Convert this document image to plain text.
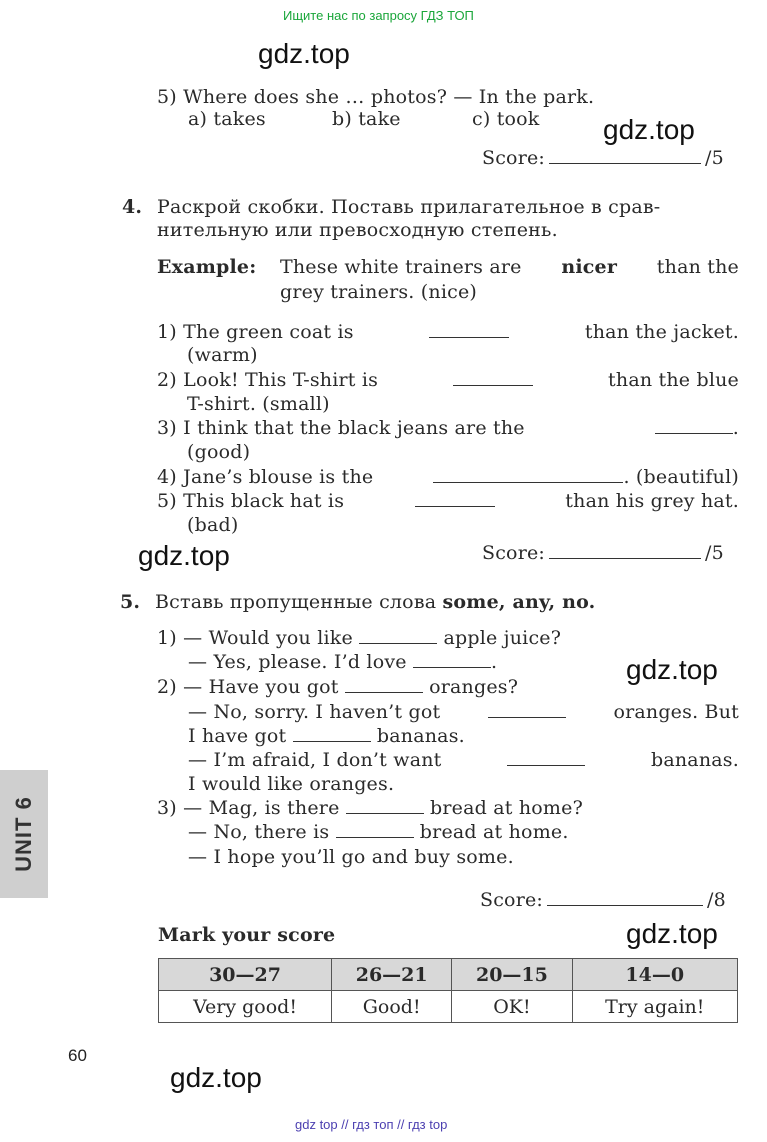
Ищите нас по запросу ГДЗ ТОП
gdz.top
gdz.top
gdz.top
gdz.top
gdz.top
gdz.top
5) Where does she … photos? — In the park.
a) takes	b) take	c) took
Score:	/5
4. Раскрой скобки. Поставь прилагательное в срав-
нительную или превосходную степень.
Example: These white trainers are nicer than the
grey trainers. (nice)
1) The green coat is	than the jacket.
(warm)
2) Look! This T-shirt is	than the blue
T-shirt. (small)
3) I think that the black jeans are the	.
(good)
4) Jane’s blouse is the	. (beautiful)
5) This black hat is	than his grey hat.
(bad)
Score:	/5
5. Вставь пропущенные слова some, any, no.
1) — Would you like	apple juice?
— Yes, please. I’d love	.
2) — Have you got	oranges?
— No, sorry. I haven’t got	oranges. But
I have got	bananas.
— I’m afraid, I don’t want	bananas.
I would like oranges.
3) — Mag, is there	bread at home?
— No, there is	bread at home.
— I hope you’ll go and buy some.
Score:	/8
Mark your score
30—27	26—21	20—15	14—0
Very good!	Good!	OK!	Try again!
UNIT 6
60
gdz top // гдз топ // гдз top
